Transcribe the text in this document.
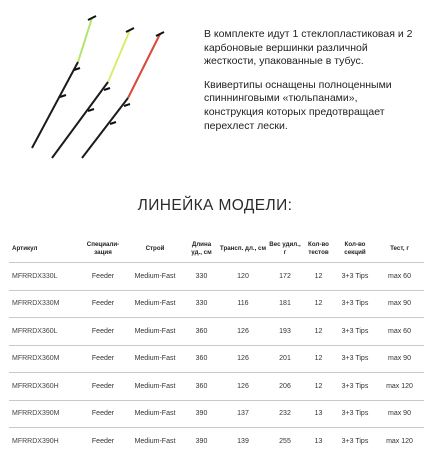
В комплекте идут 1 стеклопластиковая и 2 карбоновые вершинки различной жесткости, упакованные в тубус.

Квивертипы оснащены полноценными спиннинговыми «тюльпанами», конструкция которых предотвращает перехлест лески.

ЛИНЕЙКА МОДЕЛИ:
Артикул	Специали-зация	Строй	Длина уд., см	Трансп. дл., см	Вес удил., г	Кол-во тестов	Кол-во секций	Тест, г
MFRRDX330L	Feeder	Medium-Fast	330	120	172	12	3+3 Tips	max 60
MFRRDX330M	Feeder	Medium-Fast	330	116	181	12	3+3 Tips	max 90
MFRRDX360L	Feeder	Medium-Fast	360	126	193	12	3+3 Tips	max 60
MFRRDX360M	Feeder	Medium-Fast	360	126	201	12	3+3 Tips	max 90
MFRRDX360H	Feeder	Medium-Fast	360	126	206	12	3+3 Tips	max 120
MFRRDX390M	Feeder	Medium-Fast	390	137	232	13	3+3 Tips	max 90
MFRRDX390H	Feeder	Medium-Fast	390	139	255	13	3+3 Tips	max 120
